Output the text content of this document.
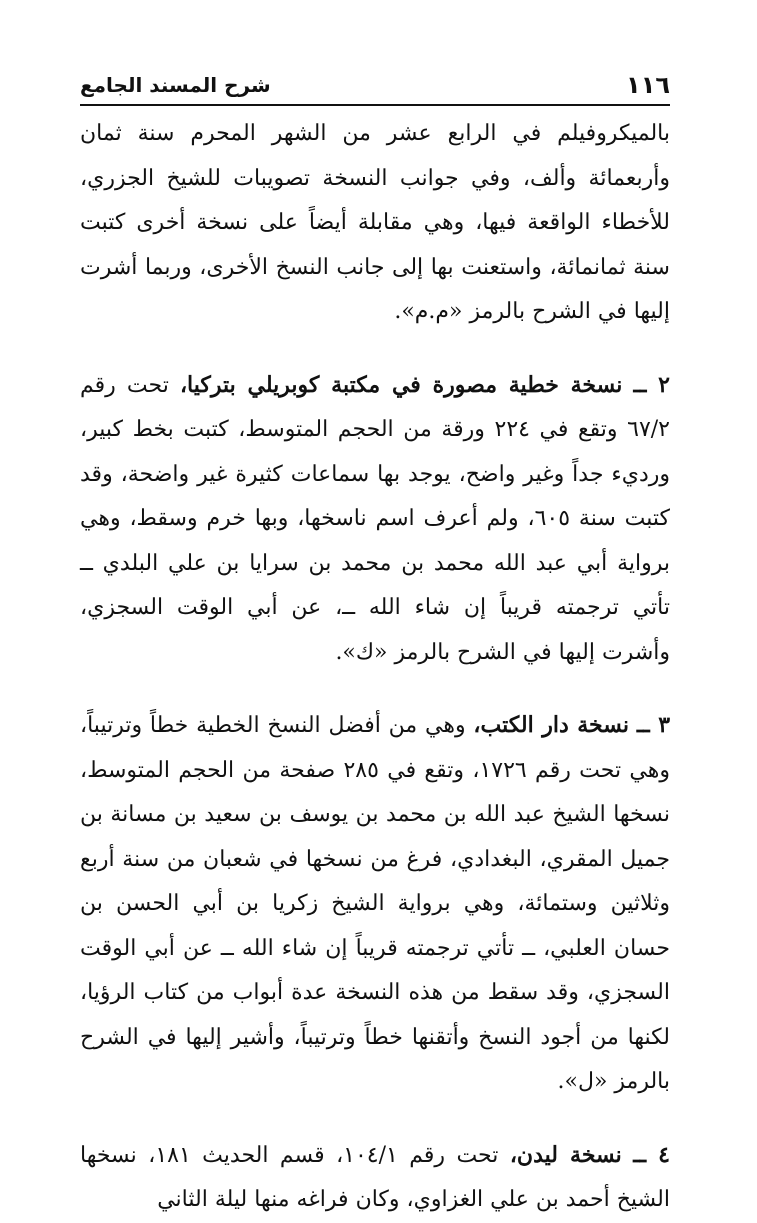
١١٦
شرح المسند الجامع

بالميكروفيلم في الرابع عشر من الشهر المحرم سنة ثمان وأربعمائة وألف، وفي جوانب النسخة تصويبات للشيخ الجزري، للأخطاء الواقعة فيها، وهي مقابلة أيضاً على نسخة أخرى كتبت سنة ثمانمائة، واستعنت بها إلى جانب النسخ الأخرى، وربما أشرت إليها في الشرح بالرمز «م.م».

٢ ــ نسخة خطية مصورة في مكتبة كوبريلي بتركيا، تحت رقم ٦٧/٢ وتقع في ٢٢٤ ورقة من الحجم المتوسط، كتبت بخط كبير، ورديء جداً وغير واضح، يوجد بها سماعات كثيرة غير واضحة، وقد كتبت سنة ٦٠٥، ولم أعرف اسم ناسخها، وبها خرم وسقط، وهي برواية أبي عبد الله محمد بن محمد بن سرايا بن علي البلدي ــ تأتي ترجمته قريباً إن شاء الله ــ، عن أبي الوقت السجزي، وأشرت إليها في الشرح بالرمز «ك».

٣ ــ نسخة دار الكتب، وهي من أفضل النسخ الخطية خطاً وترتيباً، وهي تحت رقم ١٧٢٦، وتقع في ٢٨٥ صفحة من الحجم المتوسط، نسخها الشيخ عبد الله بن محمد بن يوسف بن سعيد بن مسانة بن جميل المقري، البغدادي، فرغ من نسخها في شعبان من سنة أربع وثلاثين وستمائة، وهي برواية الشيخ زكريا بن أبي الحسن بن حسان العلبي، ــ تأتي ترجمته قريباً إن شاء الله ــ عن أبي الوقت السجزي، وقد سقط من هذه النسخة عدة أبواب من كتاب الرؤيا، لكنها من أجود النسخ وأتقنها خطاً وترتيباً، وأشير إليها في الشرح بالرمز «ل».

٤ ــ نسخة ليدن، تحت رقم ١٠٤/١، قسم الحديث ١٨١، نسخها الشيخ أحمد بن علي الغزاوي، وكان فراغه منها ليلة الثاني
